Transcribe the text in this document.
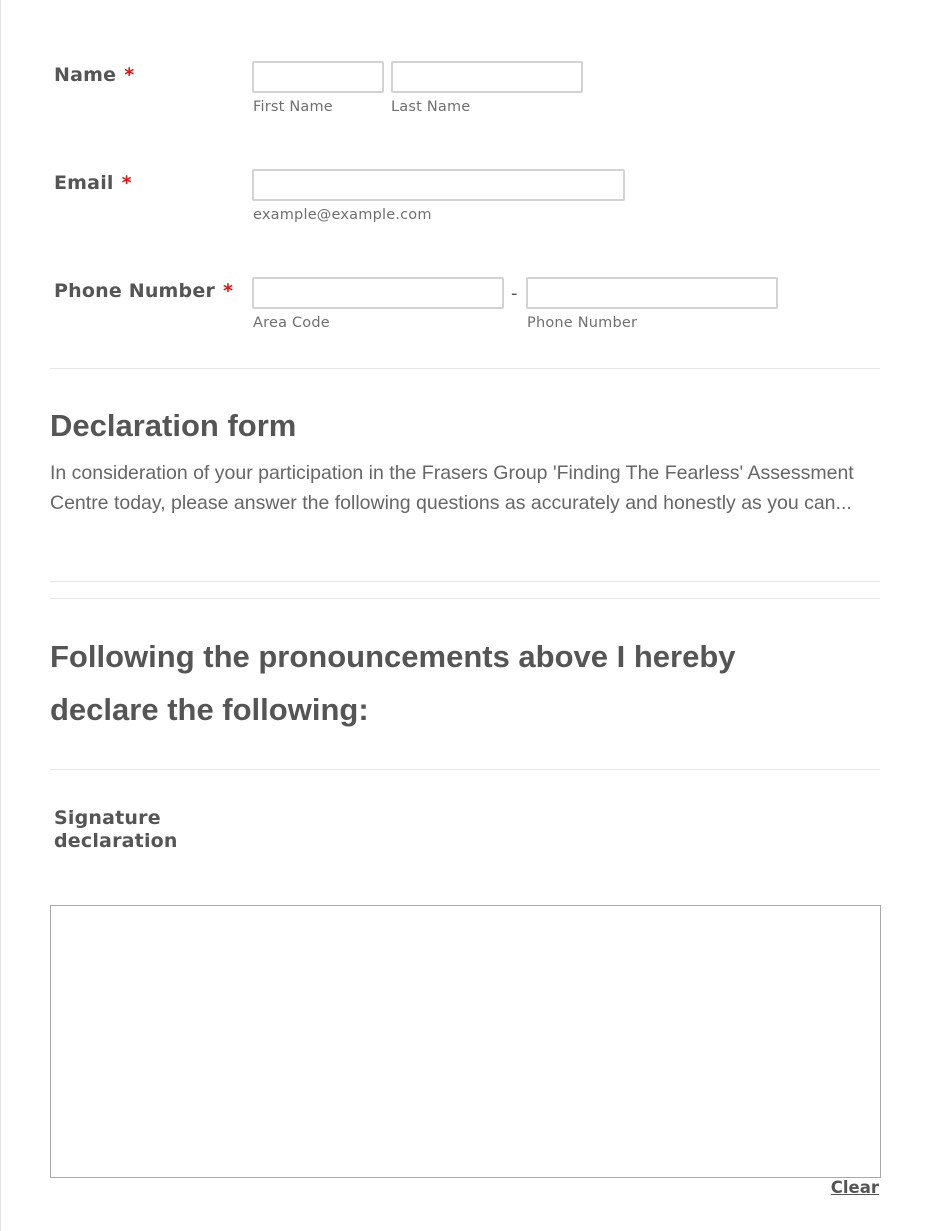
Name *
First Name	Last Name
Email *
example@example.com
Phone Number *	-
Area Code	Phone Number
Declaration form

In consideration of your participation in the Frasers Group 'Finding The Fearless' Assessment Centre today, please answer the following questions as accurately and honestly as you can...

Following the pronouncements above I hereby declare the following:
Signature declaration
Clear
